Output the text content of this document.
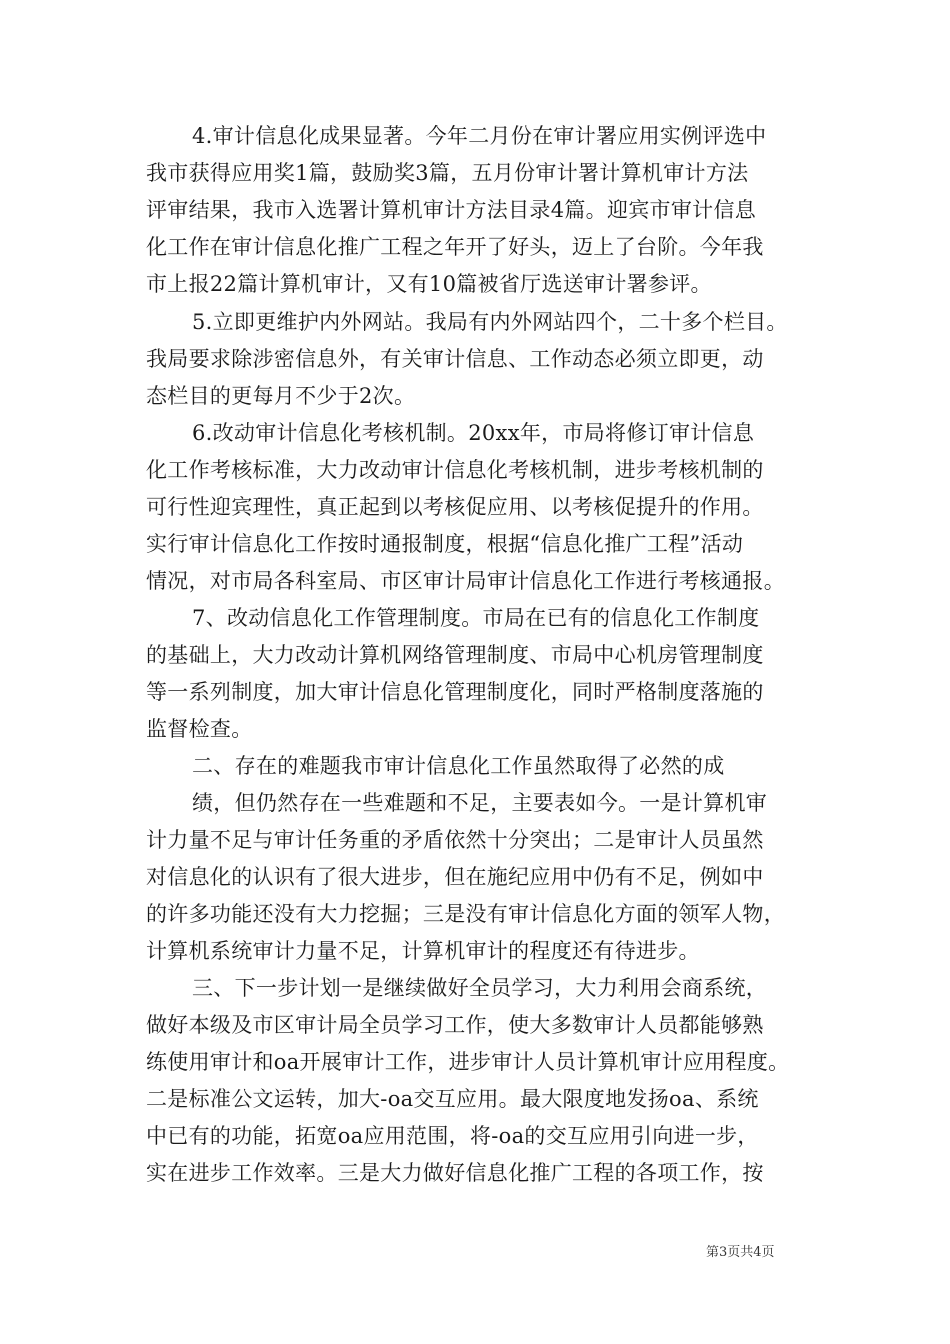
4.审计信息化成果显著。今年二月份在审计署应用实例评选中
我市获得应用奖1篇，鼓励奖3篇，五月份审计署计算机审计方法
评审结果，我市入选署计算机审计方法目录4篇。迎宾市审计信息
化工作在审计信息化推广工程之年开了好头，迈上了台阶。今年我
市上报22篇计算机审计，又有10篇被省厅选送审计署参评。
5.立即更维护内外网站。我局有内外网站四个，二十多个栏目。
我局要求除涉密信息外，有关审计信息、工作动态必须立即更，动
态栏目的更每月不少于2次。
6.改动审计信息化考核机制。20xx年，市局将修订审计信息
化工作考核标准，大力改动审计信息化考核机制，进步考核机制的
可行性迎宾理性，真正起到以考核促应用、以考核促提升的作用。
实行审计信息化工作按时通报制度，根据“信息化推广工程”活动
情况，对市局各科室局、市区审计局审计信息化工作进行考核通报。
7、改动信息化工作管理制度。市局在已有的信息化工作制度
的基础上，大力改动计算机网络管理制度、市局中心机房管理制度
等一系列制度，加大审计信息化管理制度化，同时严格制度落施的
监督检查。
二、存在的难题我市审计信息化工作虽然取得了必然的成
绩，但仍然存在一些难题和不足，主要表如今。一是计算机审
计力量不足与审计任务重的矛盾依然十分突出；二是审计人员虽然
对信息化的认识有了很大进步，但在施纪应用中仍有不足，例如中
的许多功能还没有大力挖掘；三是没有审计信息化方面的领军人物，
计算机系统审计力量不足，计算机审计的程度还有待进步。
三、下一步计划一是继续做好全员学习，大力利用会商系统，
做好本级及市区审计局全员学习工作，使大多数审计人员都能够熟
练使用审计和oa开展审计工作，进步审计人员计算机审计应用程度。
二是标准公文运转，加大-oa交互应用。最大限度地发扬oa、系统
中已有的功能，拓宽oa应用范围，将-oa的交互应用引向进一步，
实在进步工作效率。三是大力做好信息化推广工程的各项工作，按
第3页共4页
